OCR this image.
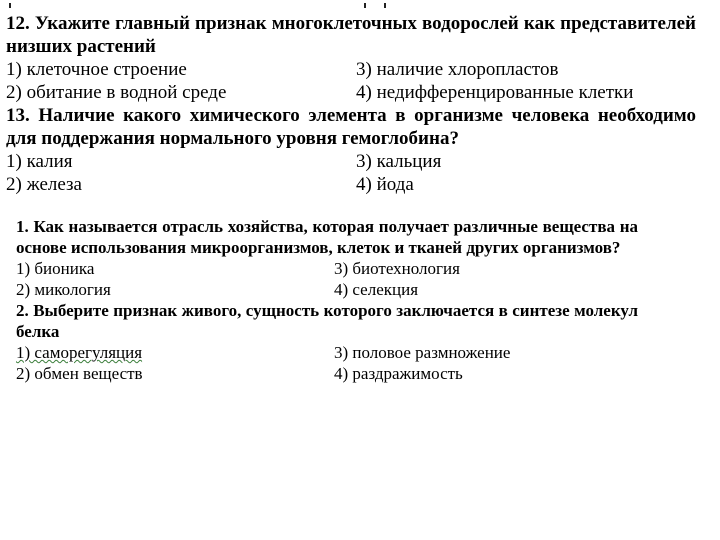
12. Укажите главный признак многоклеточных водорослей как представителей низших растений
1) клеточное строение	3) наличие хлоропластов
2) обитание в водной среде	4) недифференцированные клетки
13. Наличие какого химического элемента в организме человека необходимо для поддержания нормального уровня гемоглобина?
1) калия	3) кальция
2) железа	4) йода
1. Как называется отрасль хозяйства, которая получает различные вещества на основе использования микроорганизмов, клеток и тканей других организмов?
1) бионика	3) биотехнология
2) микология	4) селекция
2. Выберите признак живого, сущность которого заключается в синтезе молекул белка
1) саморегуляция	3) половое размножение
2) обмен веществ	4) раздражимость
